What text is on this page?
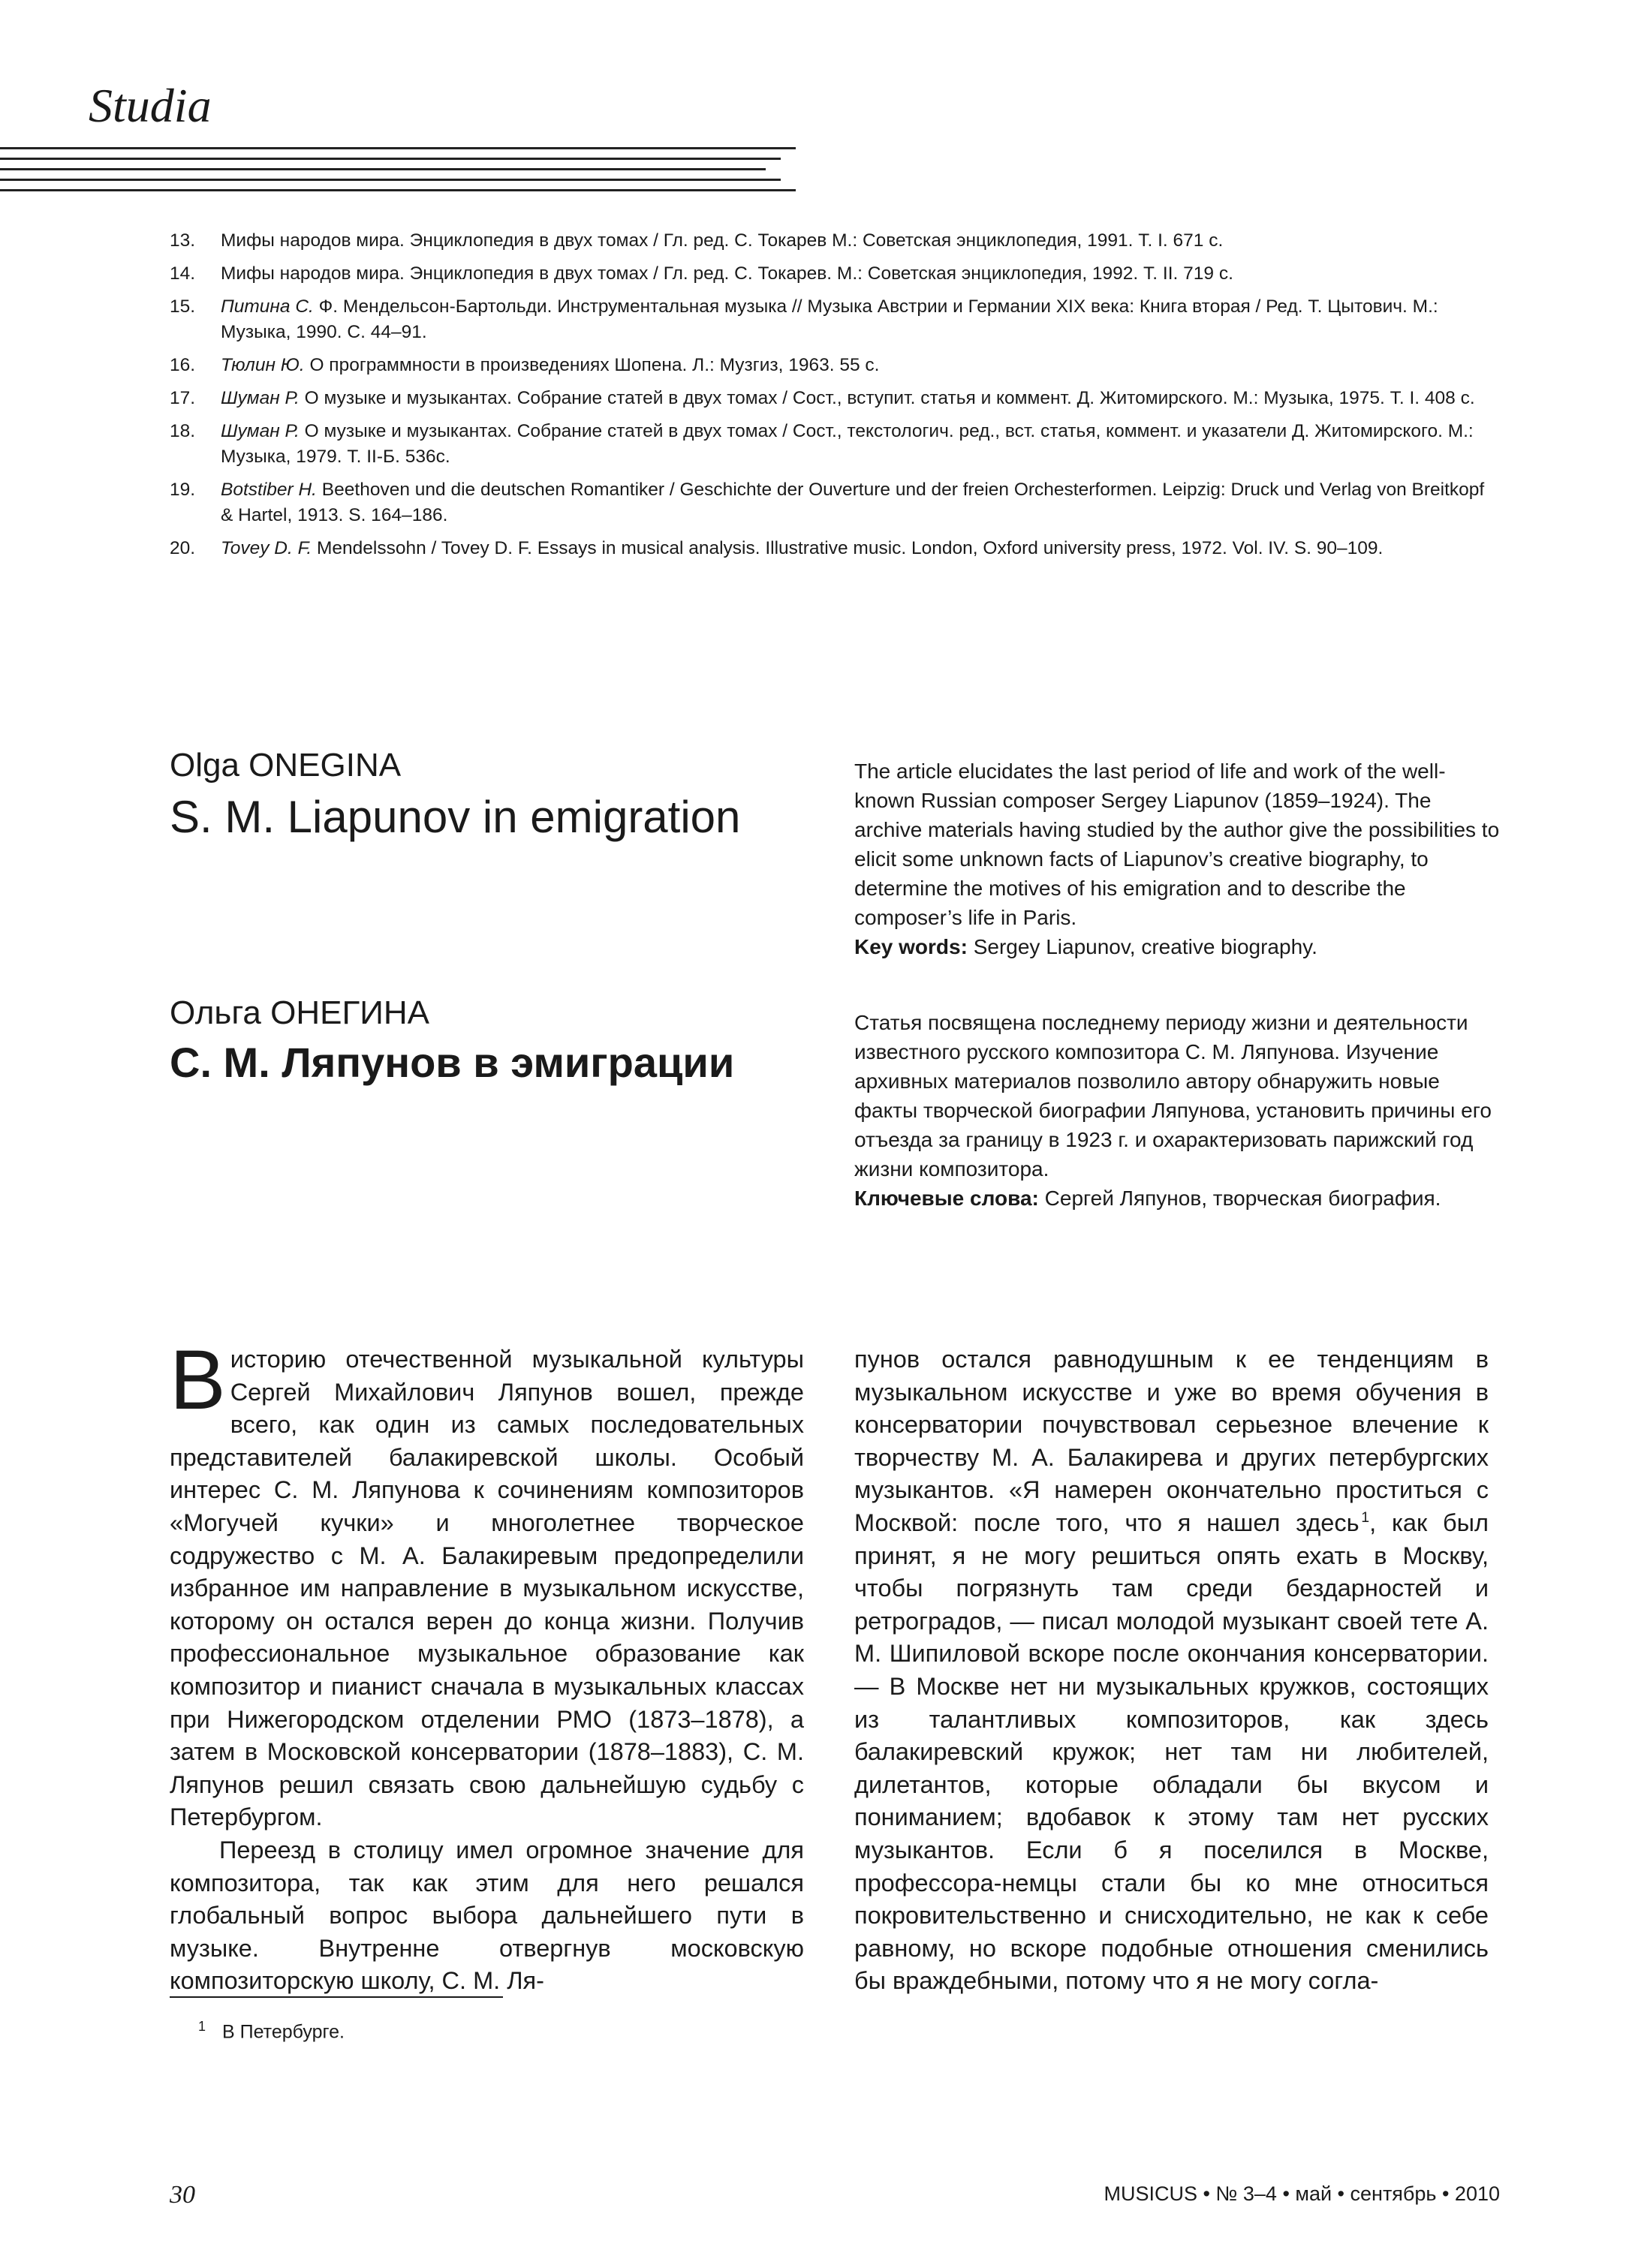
Studia
13. Мифы народов мира. Энциклопедия в двух томах / Гл. ред. С. Токарев М.: Советская энциклопедия, 1991. Т. I. 671 с.
14. Мифы народов мира. Энциклопедия в двух томах / Гл. ред. С. Токарев. М.: Советская энциклопедия, 1992. Т. II. 719 с.
15. Питина С. Ф. Мендельсон-Бартольди. Инструментальная музыка // Музыка Австрии и Германии XIX века: Книга вторая / Ред. Т. Цытович. М.: Музыка, 1990. С. 44–91.
16. Тюлин Ю. О программности в произведениях Шопена. Л.: Музгиз, 1963. 55 с.
17. Шуман Р. О музыке и музыкантах. Собрание статей в двух томах / Сост., вступит. статья и коммент. Д. Житомирского. М.: Музыка, 1975. Т. I. 408 с.
18. Шуман Р. О музыке и музыкантах. Собрание статей в двух томах / Сост., текстологич. ред., вст. статья, коммент. и указатели Д. Житомирского. М.: Музыка, 1979. Т. II-Б. 536с.
19. Botstiber H. Beethoven und die deutschen Romantiker / Geschichte der Ouverture und der freien Orchesterformen. Leipzig: Druck und Verlag von Breitkopf & Hartel, 1913. S. 164–186.
20. Tovey D. F. Mendelssohn / Tovey D. F. Essays in musical analysis. Illustrative music. London, Oxford university press, 1972. Vol. IV. S. 90–109.
Olga ONEGINA
S. M. Liapunov in emigration

The article elucidates the last period of life and work of the well-known Russian composer Sergey Liapunov (1859–1924). The archive materials having studied by the author give the possibilities to elicit some unknown facts of Liapunov’s creative biography, to determine the motives of his emigration and to describe the composer’s life in Paris.

Key words: Sergey Liapunov, creative biography.

Ольга ОНЕГИНА
С. М. Ляпунов в эмиграции

Статья посвящена последнему периоду жизни и деятельности известного русского композитора С. М. Ляпунова. Изучение архивных материалов позволило автору обнаружить новые факты творческой биографии Ляпунова, установить причины его отъезда за границу в 1923 г. и охарактеризовать парижский год жизни композитора.

Ключевые слова: Сергей Ляпунов, творческая биография.

Висторию отечественной музыкальной культуры Сергей Михайлович Ляпунов вошел, прежде всего, как один из самых последовательных представителей балакиревской школы. Особый интерес С. М. Ляпунова к сочинениям композиторов «Могучей кучки» и многолетнее творческое содружество с М. А. Балакиревым предопределили избранное им направление в музыкальном искусстве, которому он остался верен до конца жизни. Получив профессиональное музыкальное образование как композитор и пианист сначала в музыкальных классах при Нижегородском отделении РМО (1873–1878), а затем в Московской консерватории (1878–1883), С. М. Ляпунов решил связать свою дальнейшую судьбу с Петербургом.

Переезд в столицу имел огромное значение для композитора, так как этим для него решался глобальный вопрос выбора дальнейшего пути в музыке. Внутренне отвергнув московскую композиторскую школу, С. М. Ля-

пунов остался равнодушным к ее тенденциям в музыкальном искусстве и уже во время обучения в консерватории почувствовал серьезное влечение к творчеству М. А. Балакирева и других петербургских музыкантов. «Я намерен окончательно проститься с Москвой: после того, что я нашел здесь  $^1$, как был принят, я не могу решиться опять ехать в Москву, чтобы погрязнуть там среди бездарностей и ретроградов, — писал молодой музыкант своей тете А. М. Шипиловой вскоре после окончания консерватории. — В Москве нет ни музыкальных кружков, состоящих из талантливых композиторов, как здесь балакиревский кружок; нет там ни любителей, дилетантов, которые обладали бы вкусом и пониманием; вдобавок к этому там нет русских музыкантов. Если б я поселился в Москве, профессора-немцы стали бы ко мне относиться покровительственно и снисходительно, не как к себе равному, но вскоре подобные отношения сменились бы враждебными, потому что я не могу согла-

$^1$ В Петербурге.
30	MUSICUS • № 3–4 • май • сентябрь • 2010
